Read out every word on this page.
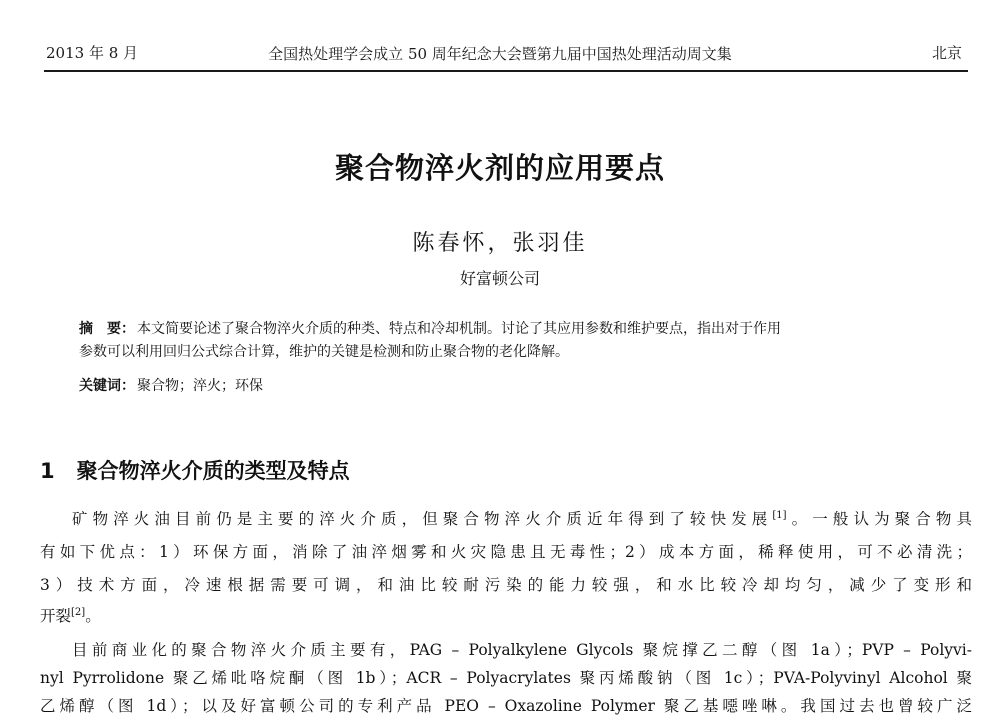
2013 年 8 月	全国热处理学会成立 50 周年纪念大会暨第九届中国热处理活动周文集	北京
聚合物淬火剂的应用要点
陈春怀，张羽佳
好富顿公司
摘　要： 本文简要论述了聚合物淬火介质的种类、特点和冷却机制。讨论了其应用参数和维护要点，指出对于作用
参数可以利用回归公式综合计算，维护的关键是检测和防止聚合物的老化降解。
关键词： 聚合物；淬火；环保
1 聚合物淬火介质的类型及特点
矿物淬火油目前仍是主要的淬火介质，但聚合物淬火介质近年得到了较快发展[1]。一般认为聚合物具
有如下优点：1）环保方面，消除了油淬烟雾和火灾隐患且无毒性；2）成本方面，稀释使用，可不必清洗；
3）技术方面，冷速根据需要可调，和油比较耐污染的能力较强，和水比较冷却均匀，减少了变形和
开裂[2]。
目前商业化的聚合物淬火介质主要有，PAG – Polyalkylene Glycols 聚烷撑乙二醇（图 1a）；PVP – Polyvi-
nyl Pyrrolidone 聚乙烯吡咯烷酮（图 1b）；ACR – Polyacrylates 聚丙烯酸钠（图 1c）；PVA-Polyvinyl Alcohol 聚
乙烯醇（图 1d）；以及好富顿公司的专利产品 PEO – Oxazoline Polymer 聚乙基噁唑啉。我国过去也曾较广泛
